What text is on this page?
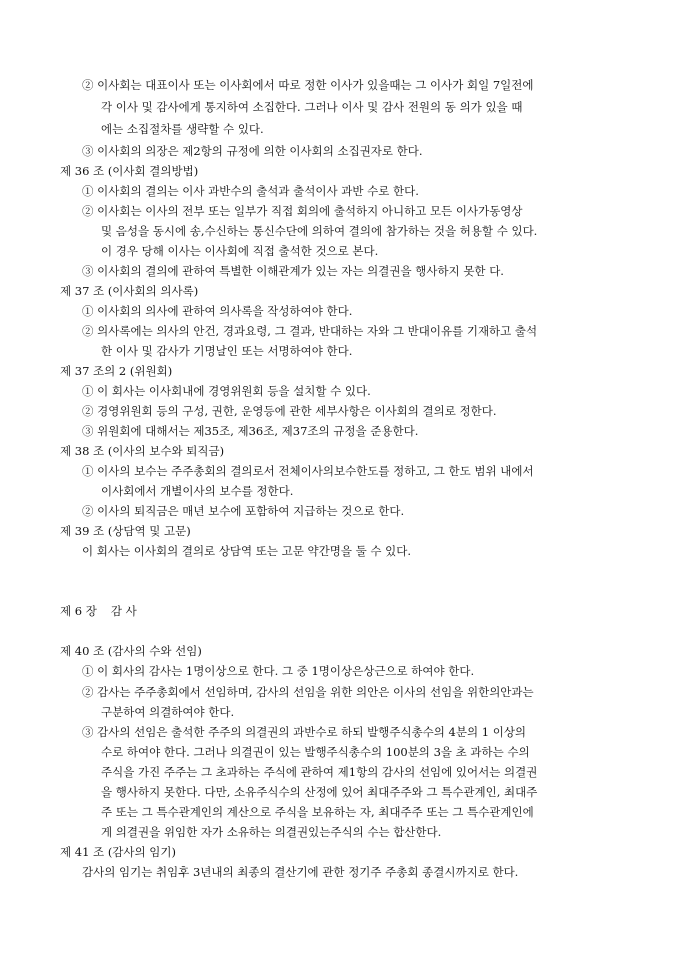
② 이사회는 대표이사 또는 이사회에서 따로 정한 이사가 있을때는 그 이사가 회일 7일전에
각 이사 및 감사에게 통지하여 소집한다. 그러나 이사 및 감사 전원의 동 의가 있을 때
에는 소집절차를 생략할 수 있다.
③ 이사회의 의장은 제2항의 규정에 의한 이사회의 소집권자로 한다.
제 36 조 (이사회 결의방법)
① 이사회의 결의는 이사 과반수의 출석과 출석이사 과반 수로 한다.
② 이사회는 이사의 전부 또는 일부가 직접 회의에 출석하지 아니하고 모든 이사가동영상
및 음성을 동시에 송,수신하는 통신수단에 의하여 결의에 참가하는 것을 허용할 수 있다.
이 경우 당해 이사는 이사회에 직접 출석한 것으로 본다.
③ 이사회의 결의에 관하여 특별한 이해관계가 있는 자는 의결권을 행사하지 못한 다.
제 37 조 (이사회의 의사록)
① 이사회의 의사에 관하여 의사록을 작성하여야 한다.
② 의사록에는 의사의 안건, 경과요령, 그 결과, 반대하는 자와 그 반대이유를 기재하고 출석
한 이사 및 감사가 기명날인 또는 서명하여야 한다.
제 37 조의 2 (위원회)
① 이 회사는 이사회내에 경영위원회 등을 설치할 수 있다.
② 경영위원회 등의 구성, 권한, 운영등에 관한 세부사항은 이사회의 결의로 정한다.
③ 위원회에 대해서는 제35조, 제36조, 제37조의 규정을 준용한다.
제 38 조 (이사의 보수와 퇴직금)
① 이사의 보수는 주주총회의 결의로서 전체이사의보수한도를 정하고, 그 한도 범위 내에서
이사회에서 개별이사의 보수를 정한다.
② 이사의 퇴직금은 매년 보수에 포함하여 지급하는 것으로 한다.
제 39 조 (상담역 및 고문)
이 회사는 이사회의 결의로 상담역 또는 고문 약간명을 둘 수 있다.
제 6 장 감 사
제 40 조 (감사의 수와 선임)
① 이 회사의 감사는 1명이상으로 한다. 그 중 1명이상은상근으로 하여야 한다.
② 감사는 주주총회에서 선임하며, 감사의 선임을 위한 의안은 이사의 선임을 위한의안과는
구분하여 의결하여야 한다.
③ 감사의 선임은 출석한 주주의 의결권의 과반수로 하되 발행주식총수의 4분의 1 이상의
수로 하여야 한다. 그러나 의결권이 있는 발행주식총수의 100분의 3을 초 과하는 수의
주식을 가진 주주는 그 초과하는 주식에 관하여 제1항의 감사의 선임에 있어서는 의결권
을 행사하지 못한다. 다만, 소유주식수의 산정에 있어 최대주주와 그 특수관계인, 최대주
주 또는 그 특수관계인의 계산으로 주식을 보유하는 자, 최대주주 또는 그 특수관계인에
게 의결권을 위임한 자가 소유하는 의결권있는주식의 수는 합산한다.
제 41 조 (감사의 임기)
감사의 임기는 취임후 3년내의 최종의 결산기에 관한 정기주 주총회 종결시까지로 한다.
